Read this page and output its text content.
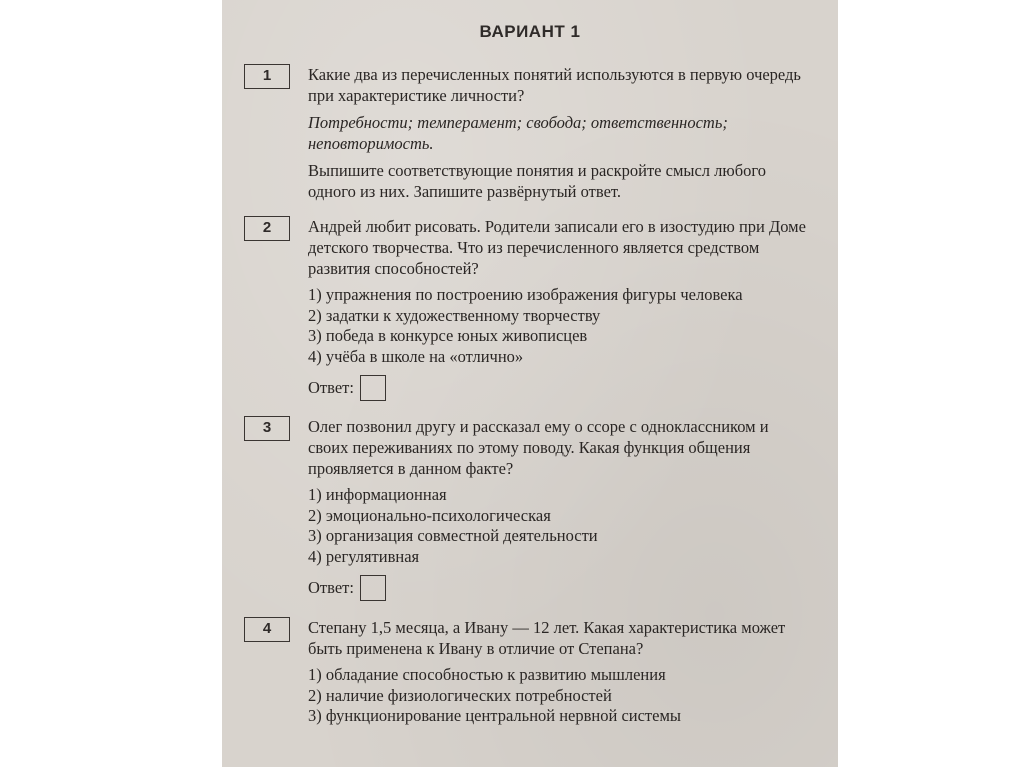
ВАРИАНТ 1
1	Какие два из перечисленных понятий используются в первую очередь при характеристике личности?

Потребности; темперамент; свобода; ответственность; неповторимость.

Выпишите соответствующие понятия и раскройте смысл любого одного из них. Запишите развёрнутый ответ.

2	Андрей любит рисовать. Родители записали его в изостудию при Доме детского творчества. Что из перечисленного является средством развития способностей?

1) упражнения по построению изображения фигуры человека
2) задатки к художественному творчеству
3) победа в конкурсе юных живописцев
4) учёба в школе на «отлично»
Ответ:
3	Олег позвонил другу и рассказал ему о ссоре с одноклассником и своих переживаниях по этому поводу. Какая функция общения проявляется в данном факте?

1) информационная
2) эмоционально-психологическая
3) организация совместной деятельности
4) регулятивная
Ответ:
4	Степану 1,5 месяца, а Ивану — 12 лет. Какая характеристика может быть применена к Ивану в отличие от Степана?

1) обладание способностью к развитию мышления
2) наличие физиологических потребностей
3) функционирование центральной нервной системы
